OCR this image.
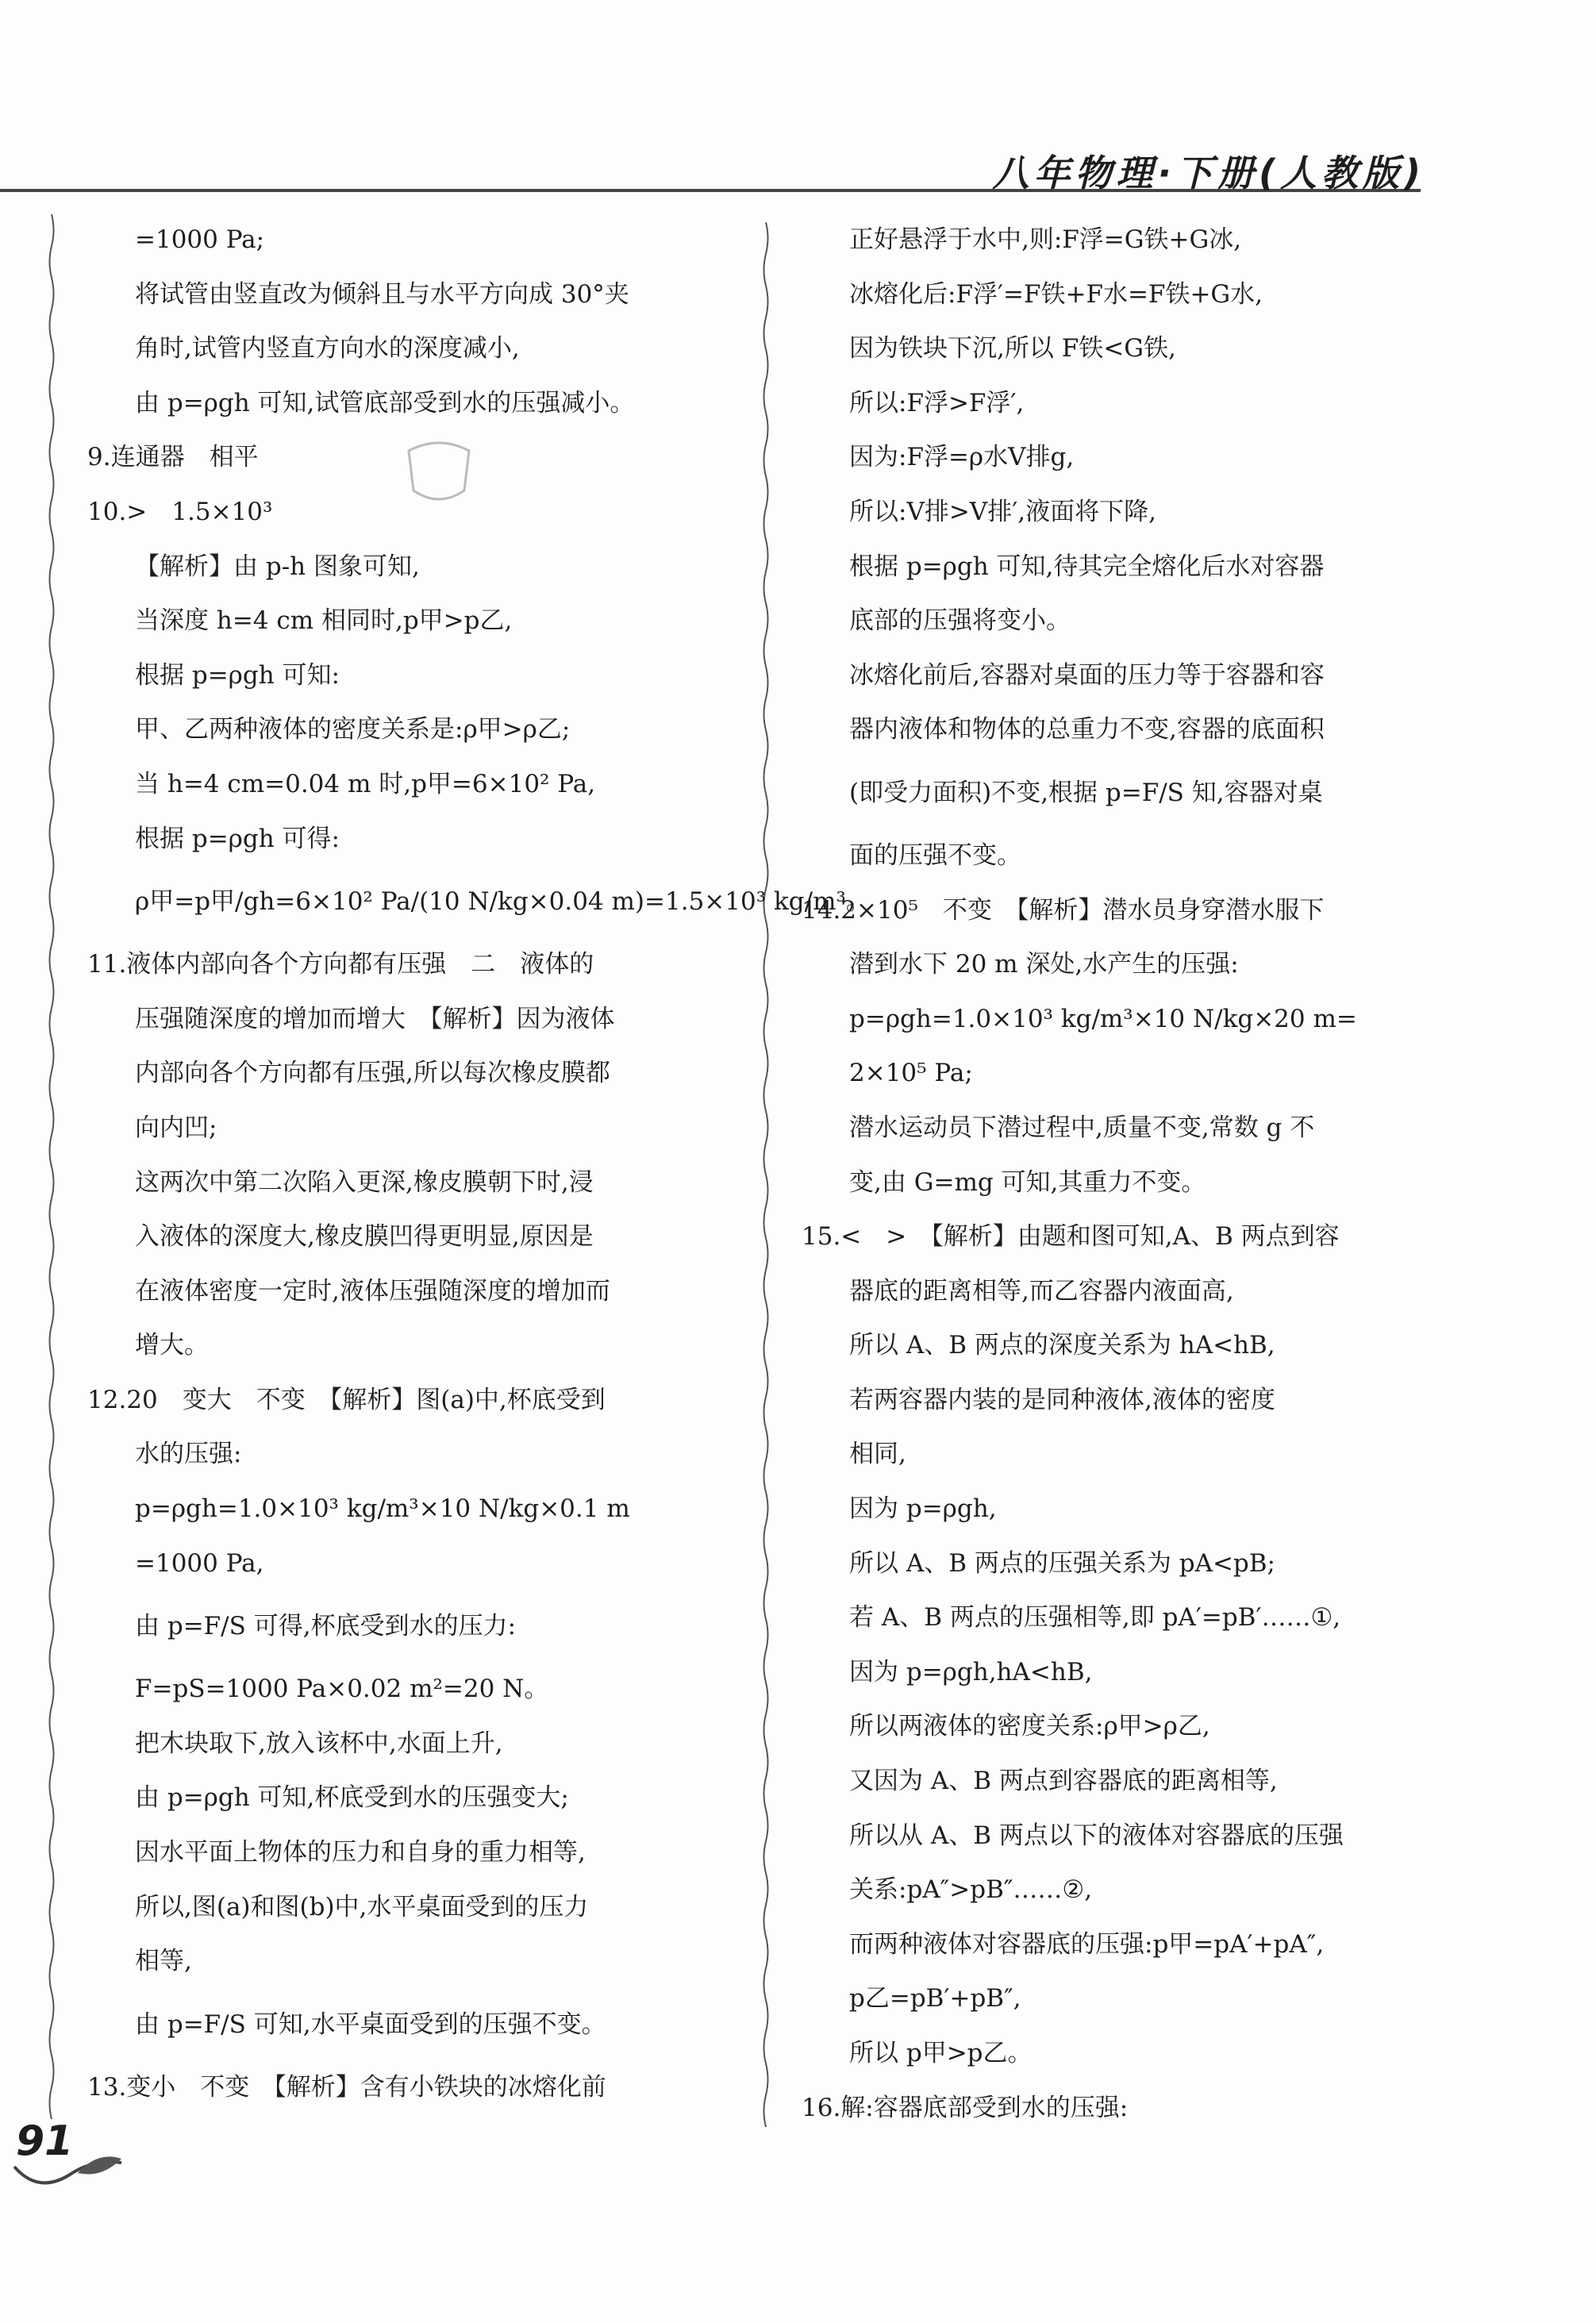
八年物理·下册(人教版)
=1000 Pa;
将试管由竖直改为倾斜且与水平方向成 30°夹
角时,试管内竖直方向水的深度减小,
由 p=ρgh 可知,试管底部受到水的压强减小。
9.连通器　相平
10.>　1.5×10³
【解析】由 p-h 图象可知,
当深度 h=4 cm 相同时,p甲>p乙,
根据 p=ρgh 可知:
甲、乙两种液体的密度关系是:ρ甲>ρ乙;
当 h=4 cm=0.04 m 时,p甲=6×10² Pa,
根据 p=ρgh 可得:
ρ甲=p甲/gh=6×10² Pa/(10 N/kg×0.04 m)=1.5×10³ kg/m³。
11.液体内部向各个方向都有压强　二　液体的
压强随深度的增加而增大　【解析】因为液体
内部向各个方向都有压强,所以每次橡皮膜都
向内凹;
这两次中第二次陷入更深,橡皮膜朝下时,浸
入液体的深度大,橡皮膜凹得更明显,原因是
在液体密度一定时,液体压强随深度的增加而
增大。
12.20　变大　不变　【解析】图(a)中,杯底受到
水的压强:
p=ρgh=1.0×10³ kg/m³×10 N/kg×0.1 m
=1000 Pa,
由 p=F/S 可得,杯底受到水的压力:
F=pS=1000 Pa×0.02 m²=20 N。
把木块取下,放入该杯中,水面上升,
由 p=ρgh 可知,杯底受到水的压强变大;
因水平面上物体的压力和自身的重力相等,
所以,图(a)和图(b)中,水平桌面受到的压力
相等,
由 p=F/S 可知,水平桌面受到的压强不变。
13.变小　不变　【解析】含有小铁块的冰熔化前
正好悬浮于水中,则:F浮=G铁+G冰,
冰熔化后:F浮′=F铁+F水=F铁+G水,
因为铁块下沉,所以 F铁<G铁,
所以:F浮>F浮′,
因为:F浮=ρ水V排g,
所以:V排>V排′,液面将下降,
根据 p=ρgh 可知,待其完全熔化后水对容器
底部的压强将变小。
冰熔化前后,容器对桌面的压力等于容器和容
器内液体和物体的总重力不变,容器的底面积
(即受力面积)不变,根据 p=F/S 知,容器对桌
面的压强不变。
14.2×10⁵　不变　【解析】潜水员身穿潜水服下
潜到水下 20 m 深处,水产生的压强:
p=ρgh=1.0×10³ kg/m³×10 N/kg×20 m=
2×10⁵ Pa;
潜水运动员下潜过程中,质量不变,常数 g 不
变,由 G=mg 可知,其重力不变。
15.<　>　【解析】由题和图可知,A、B 两点到容
器底的距离相等,而乙容器内液面高,
所以 A、B 两点的深度关系为 hA<hB,
若两容器内装的是同种液体,液体的密度
相同,
因为 p=ρgh,
所以 A、B 两点的压强关系为 pA<pB;
若 A、B 两点的压强相等,即 pA′=pB′……①,
因为 p=ρgh,hA<hB,
所以两液体的密度关系:ρ甲>ρ乙,
又因为 A、B 两点到容器底的距离相等,
所以从 A、B 两点以下的液体对容器底的压强
关系:pA″>pB″……②,
而两种液体对容器底的压强:p甲=pA′+pA″,
p乙=pB′+pB″,
所以 p甲>p乙。
16.解:容器底部受到水的压强:
91
